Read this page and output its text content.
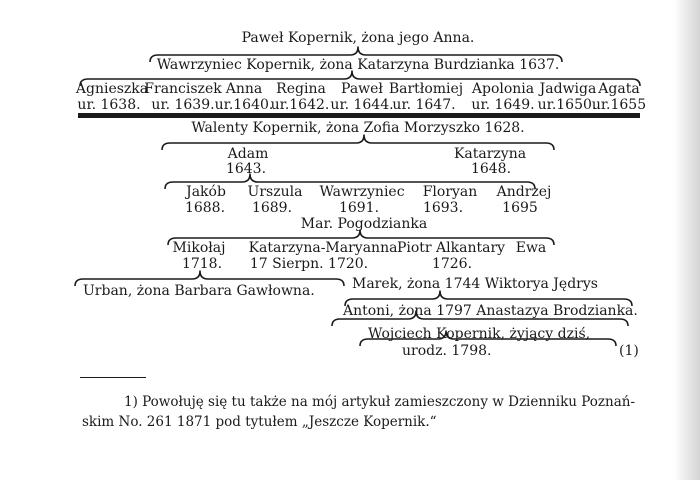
Paweł Kopernik, żona jego Anna.
Wawrzyniec Kopernik, żona Katarzyna Burdzianka 1637.
Agnieszka
ur. 1638.
Franciszek
ur. 1639.
Anna
ur.1640.
Regina
ur.1642.
Paweł
ur. 1644.
Bartłomiej
ur. 1647.
Apolonia
ur. 1649.
Jadwiga
ur.1650.
Agata
ur.1655
Walenty Kopernik, żona Zofia Morzyszko 1628.
Adam
1643.
Katarzyna
1648.
Jakób
1688.
Urszula
1689.
Wawrzyniec
1691.
Floryan
1693.
Andrzej
1695
Mar. Pogodzianka
Mikołaj
1718.
Katarzyna-Maryanna
17 Sierpn. 1720.
Piotr Alkantary
1726.
Ewa
Urban, żona Barbara Gawłowna.	Marek, żona 1744 Wiktorya Jędrys
Antoni, żona 1797 Anastazya Brodzianka.
Wojciech Kopernik, żyjący dziś,
urodz. 1798.	(1)
1) Powołuję się tu także na mój artykuł zamieszczony w Dzienniku Poznań-
skim No. 261 1871 pod tytułem „Jeszcze Kopernik.“
